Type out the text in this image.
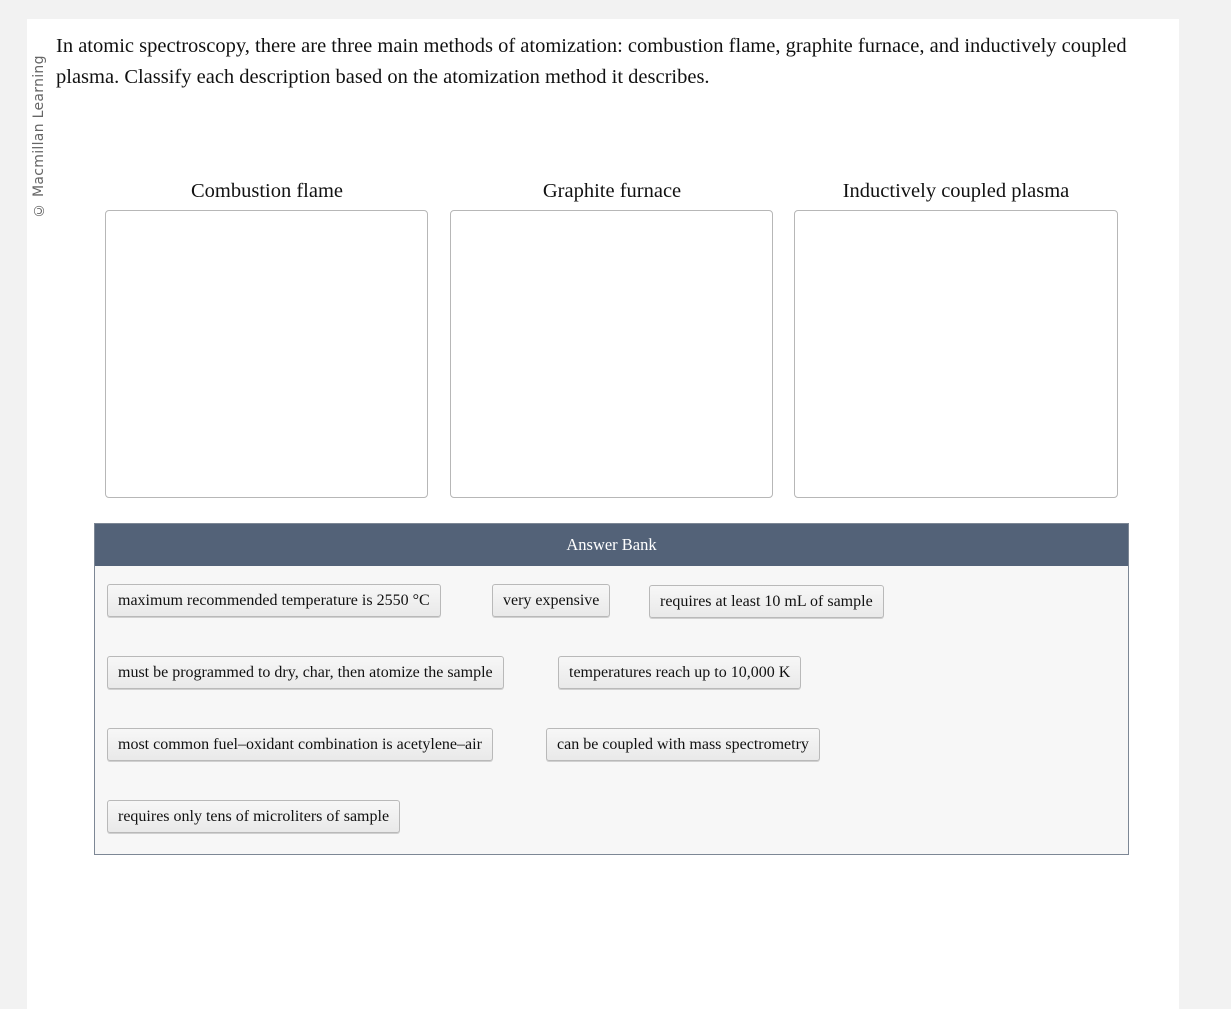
© Macmillan Learning
In atomic spectroscopy, there are three main methods of atomization: combustion flame, graphite furnace, and inductively coupled plasma. Classify each description based on the atomization method it describes.
Combustion flame	Graphite furnace	Inductively coupled plasma
Answer Bank
maximum recommended temperature is 2550 °C	very expensive	requires at least 10 mL of sample
must be programmed to dry, char, then atomize the sample	temperatures reach up to 10,000 K
most common fuel–oxidant combination is acetylene–air	can be coupled with mass spectrometry
requires only tens of microliters of sample
